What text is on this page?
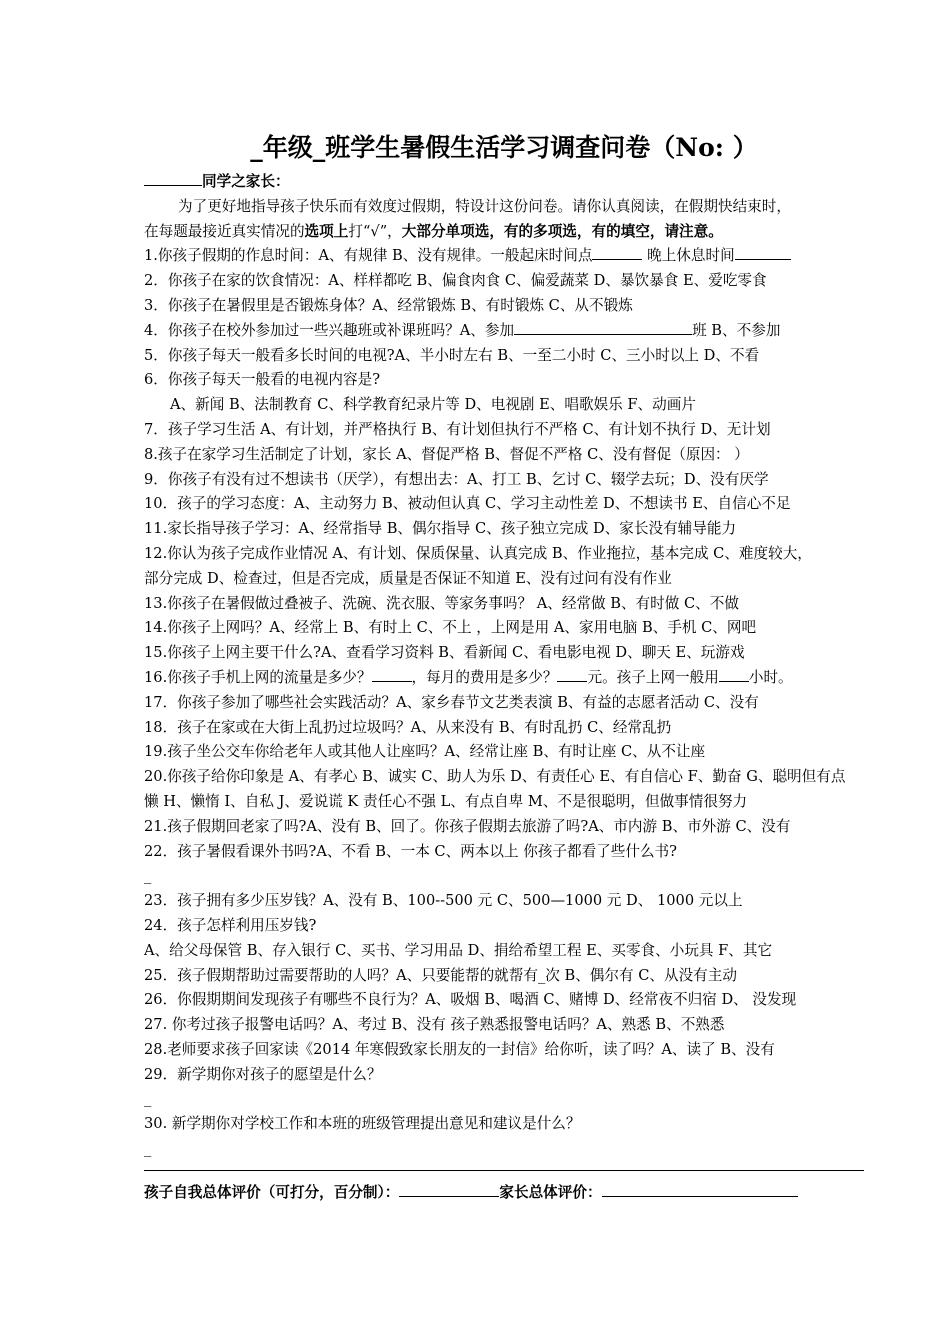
_年级_班学生暑假生活学习调查问卷（No: ）
同学之家长：
为了更好地指导孩子快乐而有效度过假期，特设计这份问卷。请你认真阅读，在假期快结束时，
在每题最接近真实情况的选项上打“√”，大部分单项选，有的多项选，有的填空，请注意。
1.你孩子假期的作息时间：A、有规律 B、没有规律。一般起床时间点	晚上休息时间
2．你孩子在家的饮食情况：A、样样都吃 B、偏食肉食 C、偏爱蔬菜 D、暴饮暴食 E、爱吃零食
3．你孩子在暑假里是否锻炼身体？A、经常锻炼 B、有时锻炼 C、从不锻炼
4．你孩子在校外参加过一些兴趣班或补课班吗？A、参加	班 B、不参加
5．你孩子每天一般看多长时间的电视?A、半小时左右 B、一至二小时 C、三小时以上 D、不看
6．你孩子每天一般看的电视内容是?
A、新闻 B、法制教育 C、科学教育纪录片等 D、电视剧 E、唱歌娱乐 F、动画片
7．孩子学习生活 A、有计划，并严格执行 B、有计划但执行不严格 C、有计划不执行 D、无计划
8.孩子在家学习生活制定了计划，家长 A、督促严格 B、督促不严格 C、没有督促（原因： ）
9．你孩子有没有过不想读书（厌学），有想出去：A、打工 B、乞讨 C、辍学去玩；D、没有厌学
10．孩子的学习态度：A、主动努力 B、被动但认真 C、学习主动性差 D、不想读书 E、自信心不足
11.家长指导孩子学习：A、经常指导 B、偶尔指导 C、孩子独立完成 D、家长没有辅导能力
12.你认为孩子完成作业情况 A、有计划、保质保量、认真完成 B、作业拖拉，基本完成 C、难度较大，
部分完成 D、检查过，但是否完成，质量是否保证不知道 E、没有过问有没有作业
13.你孩子在暑假做过叠被子、洗碗、洗衣服、等家务事吗？ A、经常做 B、有时做 C、不做
14.你孩子上网吗？A、经常上 B、有时上 C、不上 ，上网是用 A、家用电脑 B、手机 C、网吧
15.你孩子上网主要干什么?A、查看学习资料 B、看新闻 C、看电影电视 D、聊天 E、玩游戏
16.你孩子手机上网的流量是多少？	，每月的费用是多少？ 元。孩子上网一般用 小时。
17．你孩子参加了哪些社会实践活动？A、家乡春节文艺类表演 B、有益的志愿者活动 C、没有
18．孩子在家或在大街上乱扔过垃圾吗？A、从来没有 B、有时乱扔 C、经常乱扔
19.孩子坐公交车你给老年人或其他人让座吗？A、经常让座 B、有时让座 C、从不让座
20.你孩子给你印象是 A、有孝心 B、诚实 C、助人为乐 D、有责任心 E、有自信心 F、勤奋 G、聪明但有点
懒 H、懒惰 I、自私 J、爱说谎 K 责任心不强 L、有点自卑 M、不是很聪明，但做事情很努力
21.孩子假期回老家了吗?A、没有 B、回了。你孩子假期去旅游了吗?A、市内游 B、市外游 C、没有
22．孩子暑假看课外书吗?A、不看 B、一本 C、两本以上 你孩子都看了些什么书?
_
23．孩子拥有多少压岁钱？A、没有 B、100--500 元 C、500—1000 元 D、 1000 元以上
24．孩子怎样利用压岁钱?
A、给父母保管 B、存入银行 C、买书、学习用品 D、捐给希望工程 E、买零食、小玩具 F、其它
25．孩子假期帮助过需要帮助的人吗？A、只要能帮的就帮有_次 B、偶尔有 C、从没有主动
26．你假期期间发现孩子有哪些不良行为？A、吸烟 B、喝酒 C、赌博 D、经常夜不归宿 D、 没发现
27. 你考过孩子报警电话吗？A、考过 B、没有 孩子熟悉报警电话吗？A、熟悉 B、不熟悉
28.老师要求孩子回家读《2014 年寒假致家长朋友的一封信》给你听，读了吗？A、读了 B、没有
29．新学期你对孩子的愿望是什么？
_
30. 新学期你对学校工作和本班的班级管理提出意见和建议是什么？
_
孩子自我总体评价（可打分，百分制）：	家长总体评价：
